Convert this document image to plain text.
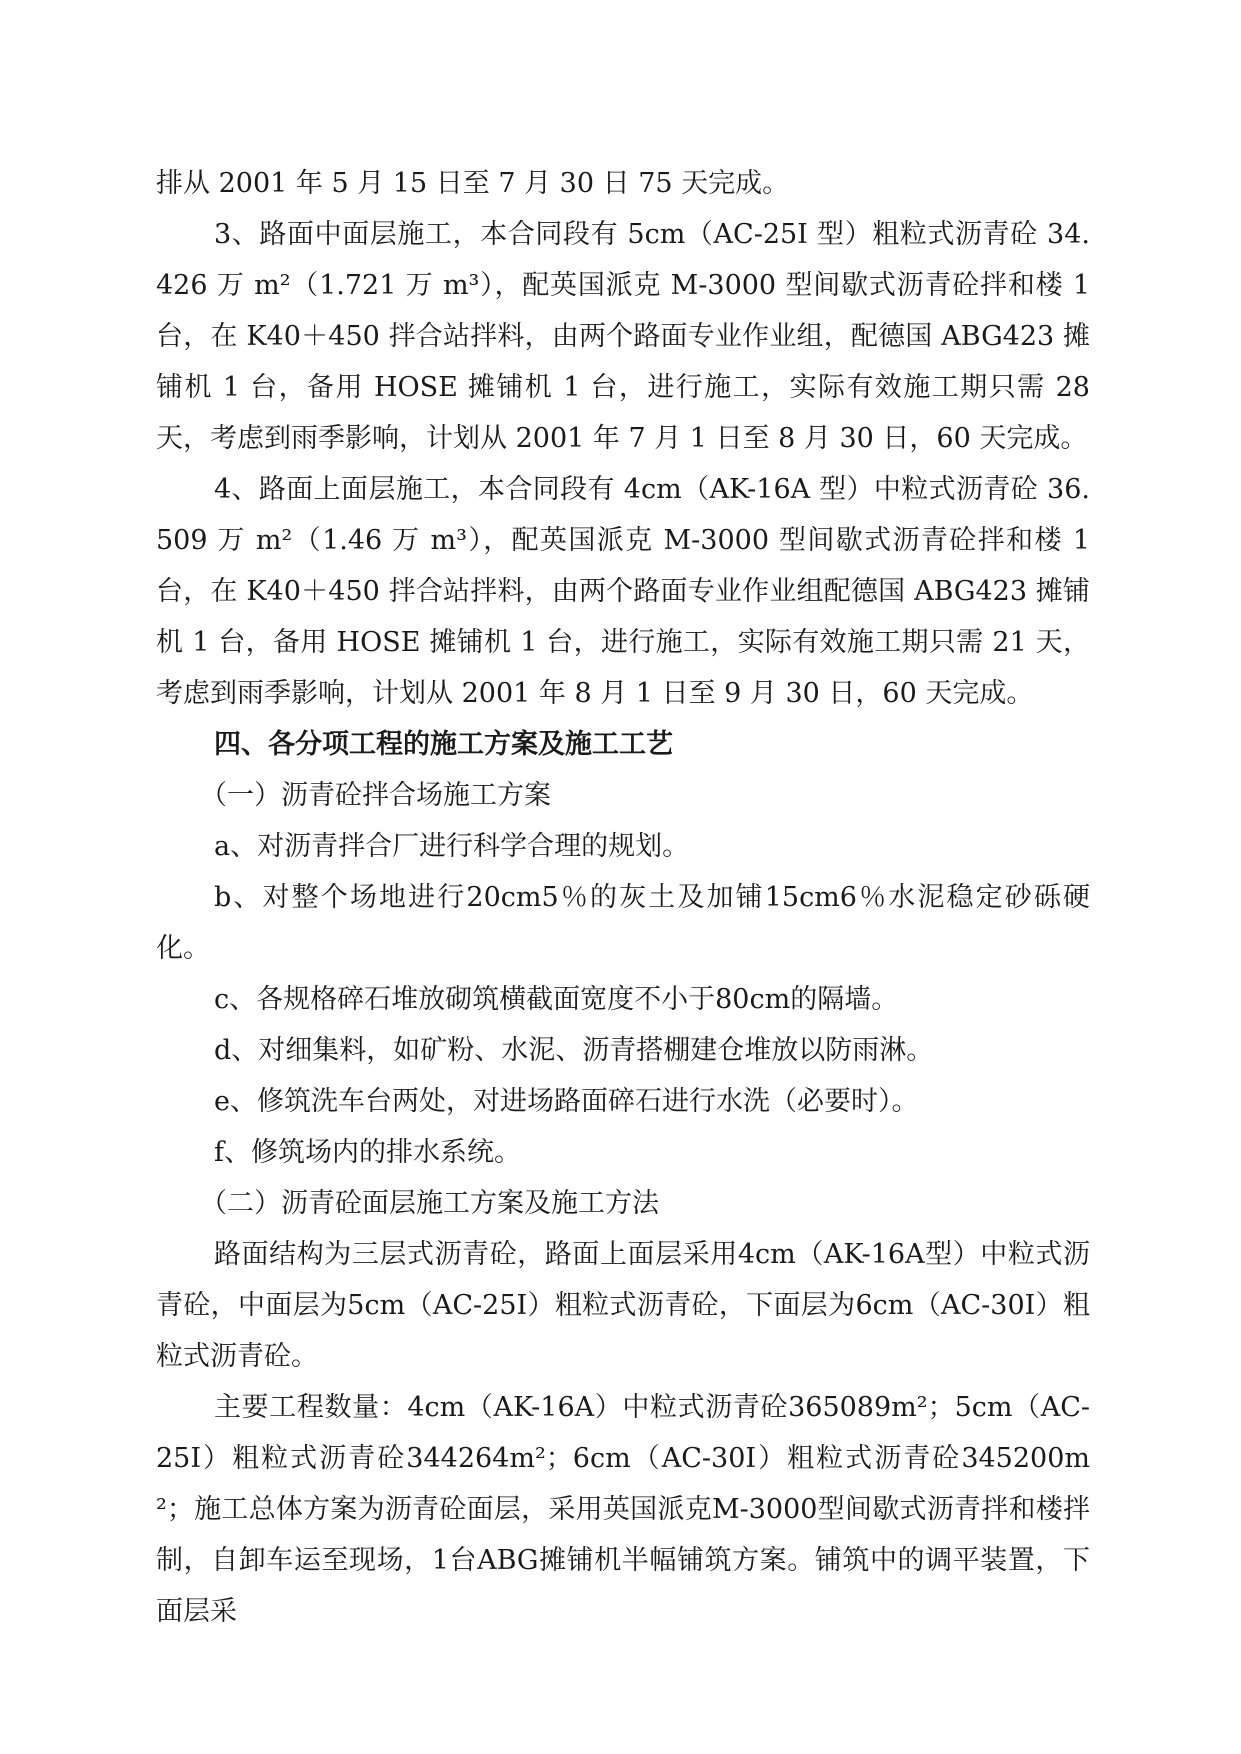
排从 2001 年 5 月 15 日至 7 月 30 日 75 天完成。

3、路面中面层施工，本合同段有 5cm（AC-25I 型）粗粒式沥青砼 34.426 万 m²（1.721 万 m³），配英国派克 M-3000 型间歇式沥青砼拌和楼 1 台，在 K40＋450 拌合站拌料，由两个路面专业作业组，配德国 ABG423 摊铺机 1 台，备用 HOSE 摊铺机 1 台，进行施工，实际有效施工期只需 28 天，考虑到雨季影响，计划从 2001 年 7 月 1 日至 8 月 30 日，60 天完成。

4、路面上面层施工，本合同段有 4cm（AK-16A 型）中粒式沥青砼 36.509 万 m²（1.46 万 m³），配英国派克 M-3000 型间歇式沥青砼拌和楼 1 台，在 K40＋450 拌合站拌料，由两个路面专业作业组配德国 ABG423 摊铺机 1 台，备用 HOSE 摊铺机 1 台，进行施工，实际有效施工期只需 21 天，考虑到雨季影响，计划从 2001 年 8 月 1 日至 9 月 30 日，60 天完成。

四、各分项工程的施工方案及施工工艺

（一）沥青砼拌合场施工方案

a、对沥青拌合厂进行科学合理的规划。

b、对整个场地进行20cm5％的灰土及加铺15cm6％水泥稳定砂砾硬化。

c、各规格碎石堆放砌筑横截面宽度不小于80cm的隔墙。

d、对细集料，如矿粉、水泥、沥青搭棚建仓堆放以防雨淋。

e、修筑洗车台两处，对进场路面碎石进行水洗（必要时）。

f、修筑场内的排水系统。

（二）沥青砼面层施工方案及施工方法

路面结构为三层式沥青砼，路面上面层采用4cm（AK-16A型）中粒式沥青砼，中面层为5cm（AC-25I）粗粒式沥青砼，下面层为6cm（AC-30I）粗粒式沥青砼。

主要工程数量：4cm（AK-16A）中粒式沥青砼365089m²；5cm（AC-25I）粗粒式沥青砼344264m²；6cm（AC-30I）粗粒式沥青砼345200m²；施工总体方案为沥青砼面层，采用英国派克M-3000型间歇式沥青拌和楼拌制，自卸车运至现场，1台ABG摊铺机半幅铺筑方案。铺筑中的调平装置，下面层采
